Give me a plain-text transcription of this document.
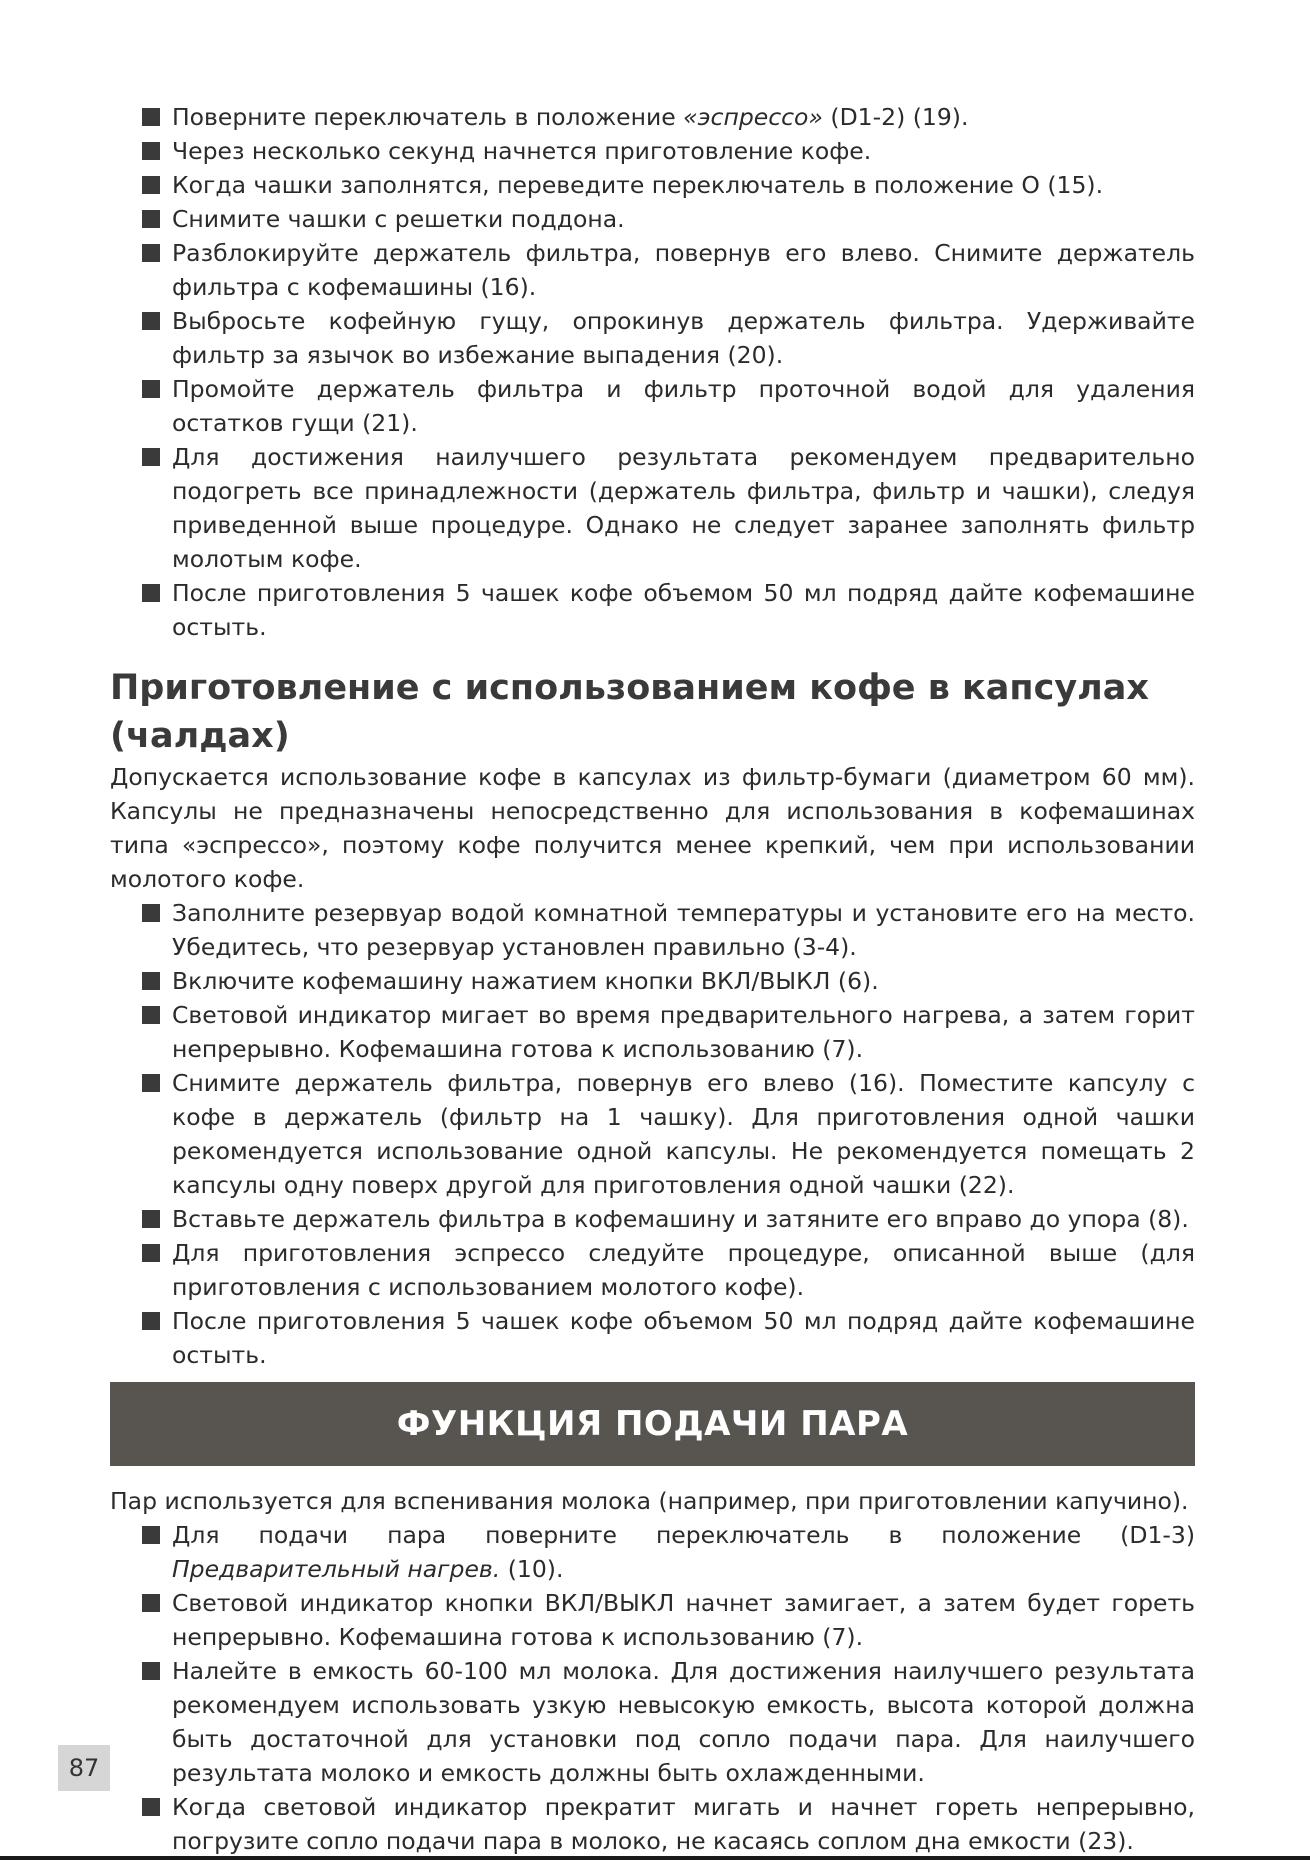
Поверните переключатель в положение «эспрессо» (D1-2) (19).
Через несколько секунд начнется приготовление кофе.
Когда чашки заполнятся, переведите переключатель в положение O (15).
Снимите чашки с решетки поддона.
Разблокируйте держатель фильтра, повернув его влево. Снимите держатель фильтра с кофемашины (16).
Выбросьте кофейную гущу, опрокинув держатель фильтра. Удерживайте фильтр за язычок во избежание выпадения (20).
Промойте держатель фильтра и фильтр проточной водой для удаления остатков гущи (21).
Для достижения наилучшего результата рекомендуем предварительно подогреть все принадлежности (держатель фильтра, фильтр и чашки), следуя приведенной выше процедуре. Однако не следует заранее заполнять фильтр молотым кофе.
После приготовления 5 чашек кофе объемом 50 мл подряд дайте кофемашине остыть.
Приготовление с использованием кофе в капсулах (чалдах)

Допускается использование кофе в капсулах из фильтр-бумаги (диаметром 60 мм). Капсулы не предназначены непосредственно для использования в кофемашинах типа «эспрессо», поэтому кофе получится менее крепкий, чем при использовании молотого кофе.

Заполните резервуар водой комнатной температуры и установите его на место. Убедитесь, что резервуар установлен правильно (3-4).
Включите кофемашину нажатием кнопки ВКЛ/ВЫКЛ (6).
Световой индикатор мигает во время предварительного нагрева, а затем горит непрерывно. Кофемашина готова к использованию (7).
Снимите держатель фильтра, повернув его влево (16). Поместите капсулу с кофе в держатель (фильтр на 1 чашку). Для приготовления одной чашки рекомендуется использование одной капсулы. Не рекомендуется помещать 2 капсулы одну поверх другой для приготовления одной чашки (22).
Вставьте держатель фильтра в кофемашину и затяните его вправо до упора (8).
Для приготовления эспрессо следуйте процедуре, описанной выше (для приготовления с использованием молотого кофе).
После приготовления 5 чашек кофе объемом 50 мл подряд дайте кофемашине остыть.
ФУНКЦИЯ ПОДАЧИ ПАРА

Пар используется для вспенивания молока (например, при приготовлении капучино).

Для подачи пара поверните переключатель в положение (D1-3) Предварительный нагрев. (10).
Световой индикатор кнопки ВКЛ/ВЫКЛ начнет замигает, а затем будет гореть непрерывно. Кофемашина готова к использованию (7).
Налейте в емкость 60-100 мл молока. Для достижения наилучшего результата рекомендуем использовать узкую невысокую емкость, высота которой должна быть достаточной для установки под сопло подачи пара. Для наилучшего результата молоко и емкость должны быть охлажденными.
Когда световой индикатор прекратит мигать и начнет гореть непрерывно, погрузите сопло подачи пара в молоко, не касаясь соплом дна емкости (23).
87
